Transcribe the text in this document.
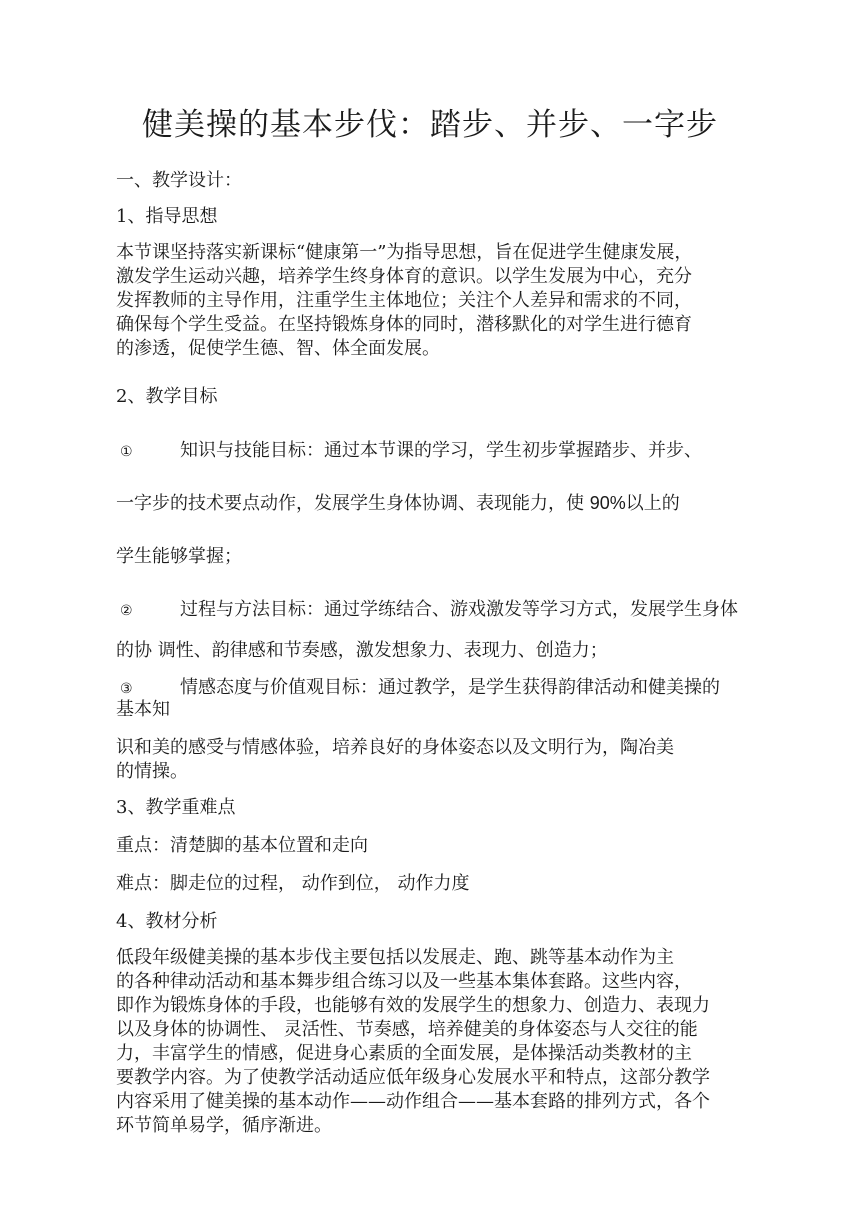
健美操的基本步伐：踏步、并步、一字步
一、教学设计：
1、指导思想
本节课坚持落实新课标“健康第一”为指导思想，旨在促进学生健康发展，
激发学生运动兴趣，培养学生终身体育的意识。以学生发展为中心，充分
发挥教师的主导作用，注重学生主体地位；关注个人差异和需求的不同，
确保每个学生受益。在坚持锻炼身体的同时，潜移默化的对学生进行德育
的渗透，促使学生德、智、体全面发展。
2、教学目标
①	知识与技能目标：通过本节课的学习，学生初步掌握踏步、并步、
一字步的技术要点动作，发展学生身体协调、表现能力，使 90%以上的
学生能够掌握；
②	过程与方法目标：通过学练结合、游戏激发等学习方式，发展学生身体
的协 调性、韵律感和节奏感，激发想象力、表现力、创造力；
③	情感态度与价值观目标：通过教学，是学生获得韵律活动和健美操的
基本知
识和美的感受与情感体验，培养良好的身体姿态以及文明行为，陶冶美
的情操。
3、教学重难点
重点：清楚脚的基本位置和走向
难点：脚走位的过程， 动作到位， 动作力度
4、教材分析
低段年级健美操的基本步伐主要包括以发展走、跑、跳等基本动作为主
的各种律动活动和基本舞步组合练习以及一些基本集体套路。这些内容，
即作为锻炼身体的手段，也能够有效的发展学生的想象力、创造力、表现力
以及身体的协调性、 灵活性、节奏感，培养健美的身体姿态与人交往的能
力，丰富学生的情感，促进身心素质的全面发展，是体操活动类教材的主
要教学内容。为了使教学活动适应低年级身心发展水平和特点，这部分教学
内容采用了健美操的基本动作——动作组合——基本套路的排列方式，各个
环节简单易学，循序渐进。
